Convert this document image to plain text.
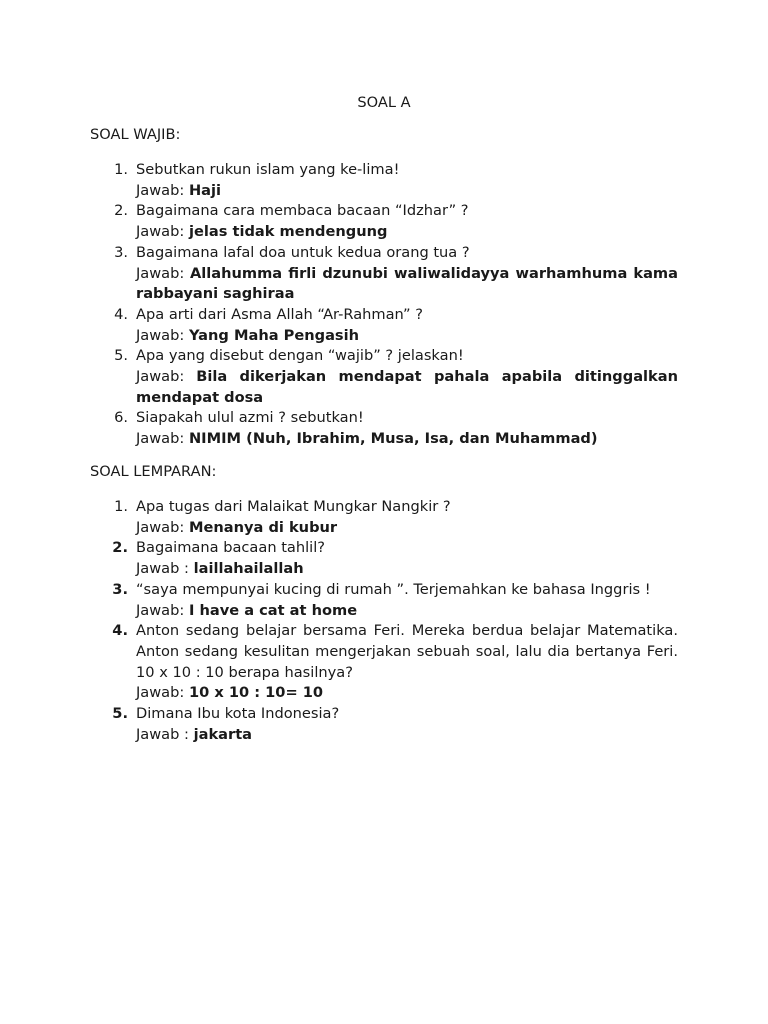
SOAL A
SOAL WAJIB:
1. Sebutkan rukun islam yang ke-lima!
Jawab: Haji
2. Bagaimana cara membaca bacaan “Idzhar” ?
Jawab: jelas tidak mendengung
3. Bagaimana lafal doa untuk kedua orang tua ?
Jawab: Allahumma firli dzunubi waliwalidayya warhamhuma kama rabbayani saghiraa
4. Apa arti dari Asma Allah “Ar-Rahman” ?
Jawab: Yang Maha Pengasih
5. Apa yang disebut dengan “wajib” ? jelaskan!
Jawab: Bila dikerjakan mendapat pahala apabila ditinggalkan mendapat dosa
6. Siapakah ulul azmi ? sebutkan!
Jawab: NIMIM (Nuh, Ibrahim, Musa, Isa, dan Muhammad)
SOAL LEMPARAN:
1. Apa tugas dari Malaikat Mungkar Nangkir ?
Jawab: Menanya di kubur
2. Bagaimana bacaan tahlil?
Jawab : laillahailallah
3. “saya mempunyai kucing di rumah ”. Terjemahkan ke bahasa Inggris !
Jawab: I have a cat at home
4. Anton sedang belajar bersama Feri. Mereka berdua belajar Matematika. Anton sedang kesulitan mengerjakan sebuah soal, lalu dia bertanya Feri. 10 x 10 : 10 berapa hasilnya?
Jawab: 10 x 10 : 10= 10
5. Dimana Ibu kota Indonesia?
Jawab : jakarta
